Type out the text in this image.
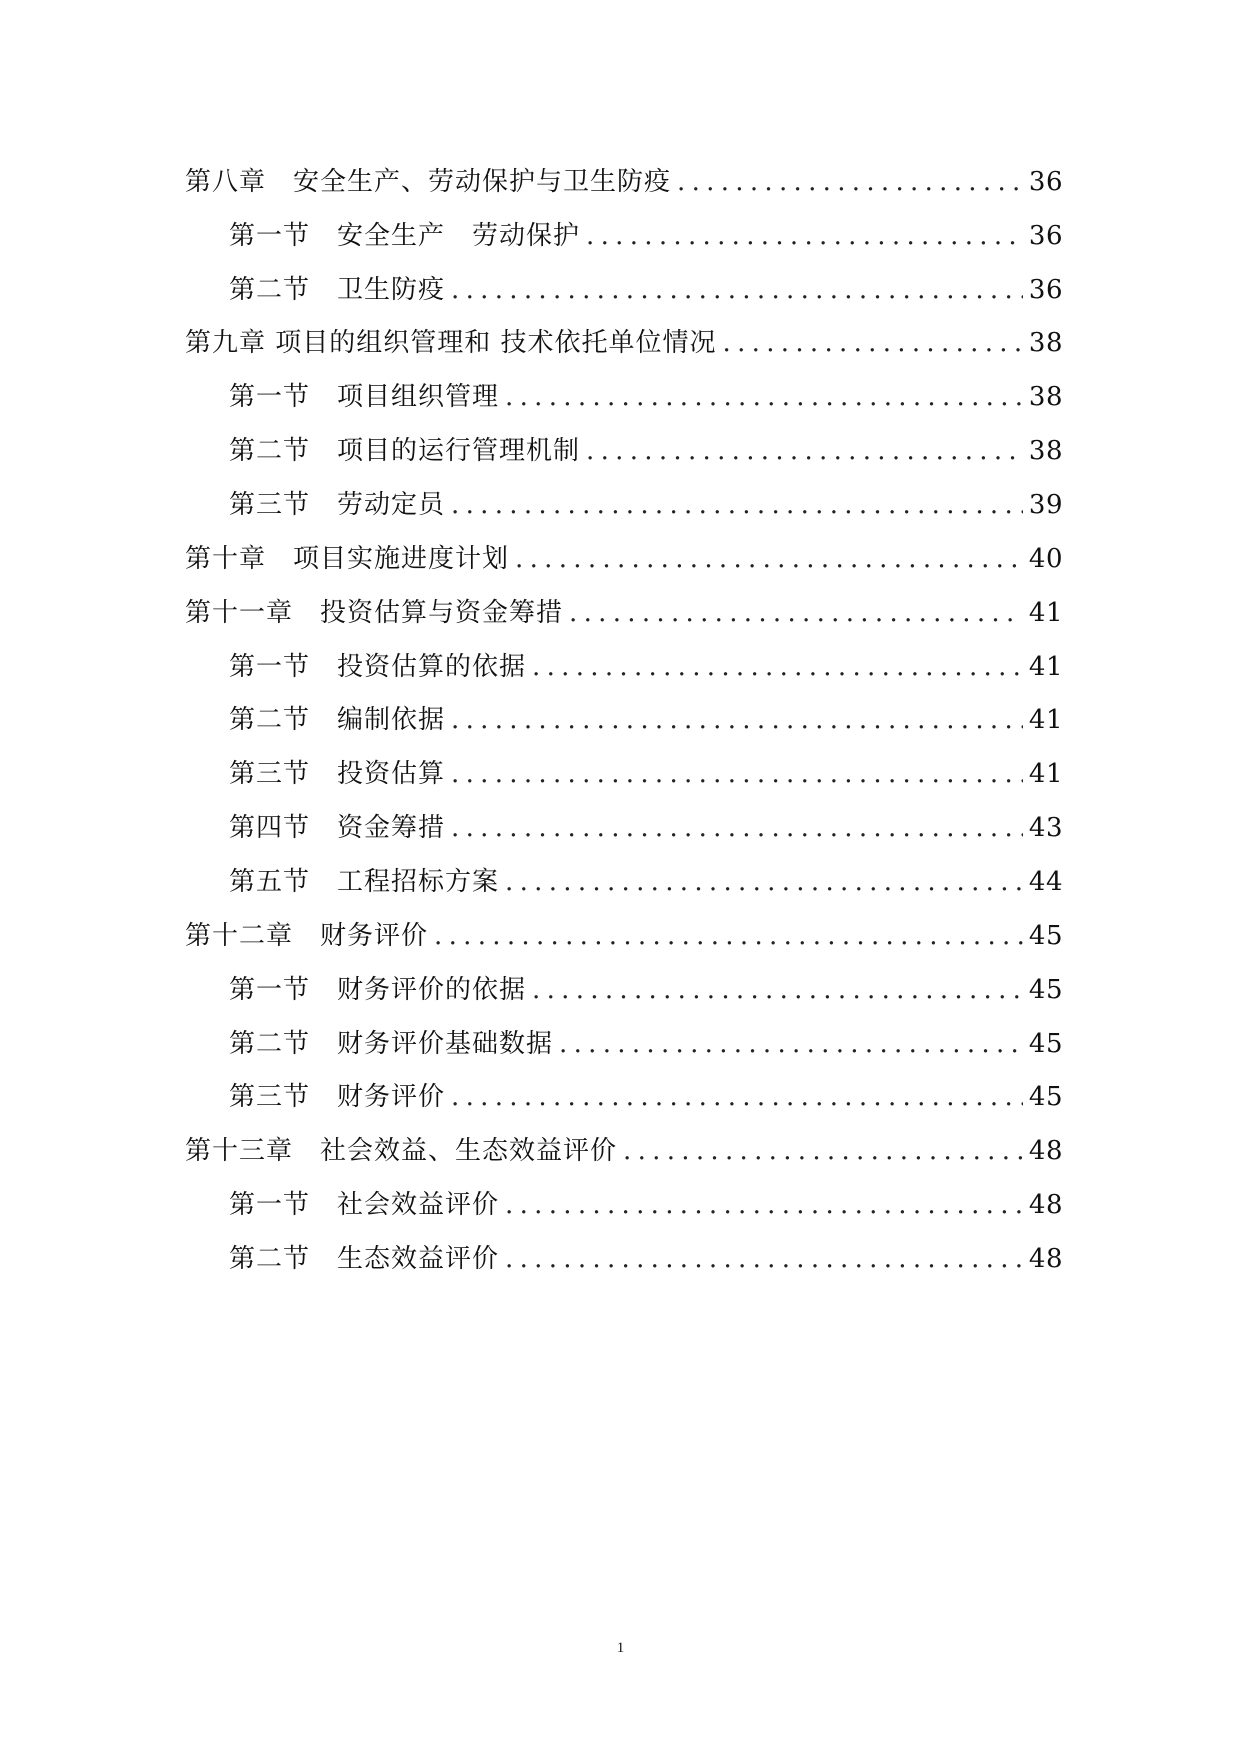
第八章　安全生产、劳动保护与卫生防疫 .....	36
第一节　安全生产　劳动保护 .....	36
第二节　卫生防疫 .....	36
第九章 项目的组织管理和 技术依托单位情况 .....	38
第一节　项目组织管理 .....	38
第二节　项目的运行管理机制 .....	38
第三节　劳动定员 .....	39
第十章　项目实施进度计划 .....	40
第十一章　投资估算与资金筹措 .....	41
第一节　投资估算的依据 .....	41
第二节　编制依据 .....	41
第三节　投资估算 .....	41
第四节　资金筹措 .....	43
第五节　工程招标方案 .....	44
第十二章　财务评价 .....	45
第一节　财务评价的依据 .....	45
第二节　财务评价基础数据 .....	45
第三节　财务评价 .....	45
第十三章　社会效益、生态效益评价 .....	48
第一节　社会效益评价 .....	48
第二节　生态效益评价 .....	48
1
